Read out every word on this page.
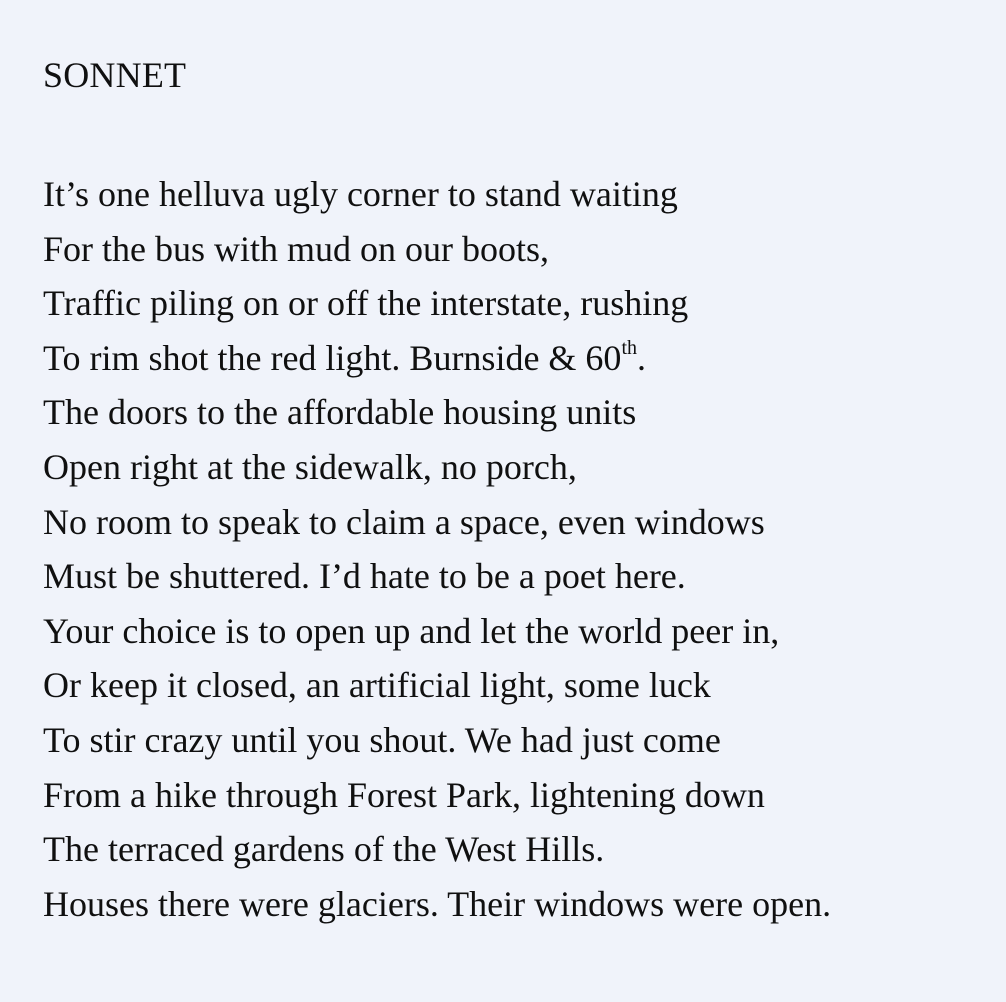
SONNET
It’s one helluva ugly corner to stand waiting
For the bus with mud on our boots,
Traffic piling on or off the interstate, rushing
To rim shot the red light. Burnside & 60th.
The doors to the affordable housing units
Open right at the sidewalk, no porch,
No room to speak to claim a space, even windows
Must be shuttered. I’d hate to be a poet here.
Your choice is to open up and let the world peer in,
Or keep it closed, an artificial light, some luck
To stir crazy until you shout. We had just come
From a hike through Forest Park, lightening down
The terraced gardens of the West Hills.
Houses there were glaciers. Their windows were open.
